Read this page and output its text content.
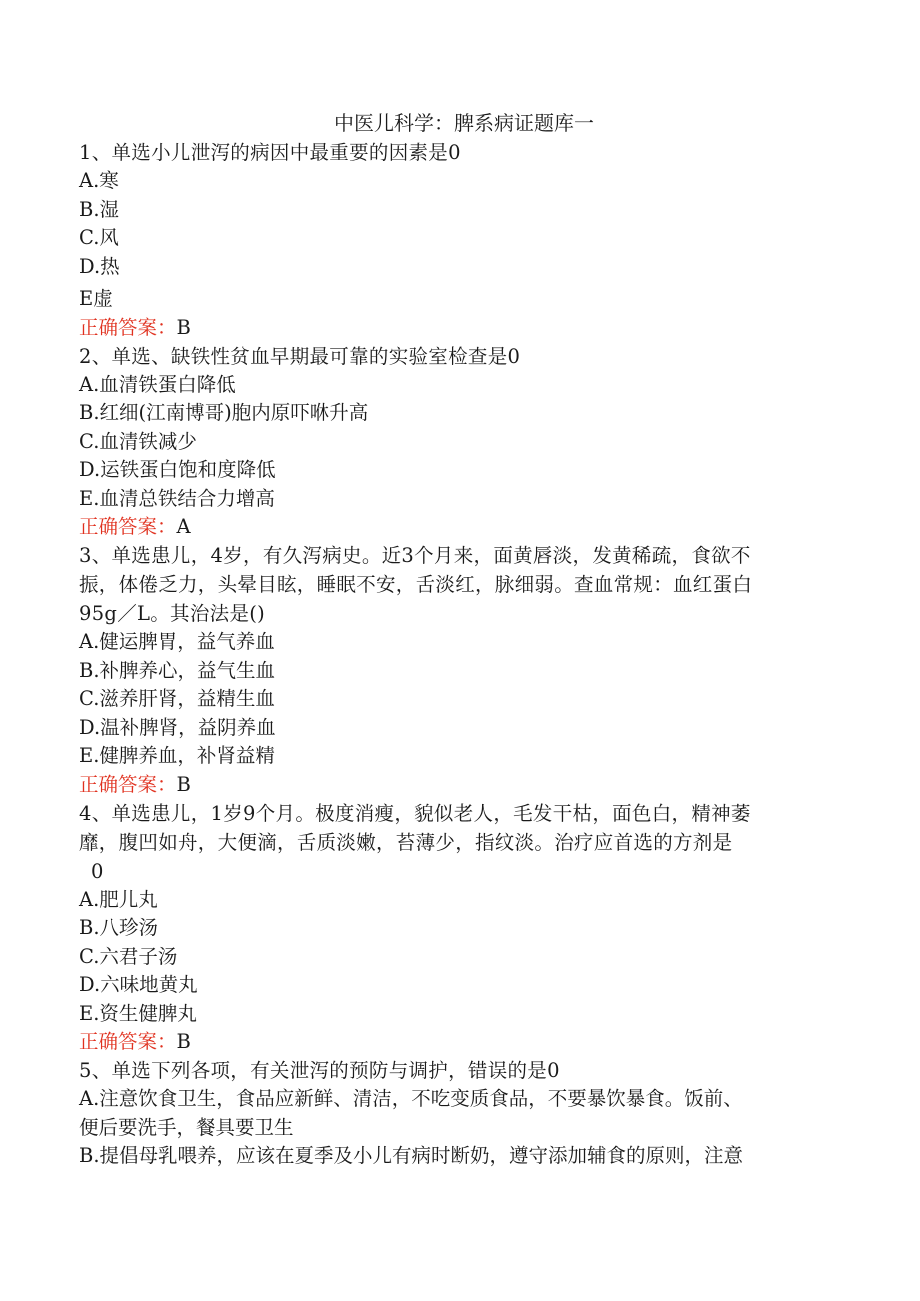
中医儿科学：脾系病证题库一

1、单选小儿泄泻的病因中最重要的因素是0

A.寒

B.湿

C.风

D.热

E虚

正确答案：B

2、单选、缺铁性贫血早期最可靠的实验室检查是0

A.血清铁蛋白降低

B.红细(江南博哥)胞内原吓咻升高

C.血清铁减少

D.运铁蛋白饱和度降低

E.血清总铁结合力增高

正确答案：A

3、单选患儿，4岁，有久泻病史。近3个月来，面黄唇淡，发黄稀疏，食欲不

振，体倦乏力，头晕目眩，睡眠不安，舌淡红，脉细弱。查血常规：血红蛋白

95g／L。其治法是()

A.健运脾胃，益气养血

B.补脾养心，益气生血

C.滋养肝肾，益精生血

D.温补脾肾，益阴养血

E.健脾养血，补肾益精

正确答案：B

4、单选患儿，1岁9个月。极度消瘦，貌似老人，毛发干枯，面色白，精神萎

靡，腹凹如舟，大便滴，舌质淡嫩，苔薄少，指纹淡。治疗应首选的方剂是

0

A.肥儿丸

B.八珍汤

C.六君子汤

D.六味地黄丸

E.资生健脾丸

正确答案：B

5、单选下列各项，有关泄泻的预防与调护，错误的是0

A.注意饮食卫生，食品应新鲜、清洁，不吃变质食品，不要暴饮暴食。饭前、

便后要洗手，餐具要卫生

B.提倡母乳喂养，应该在夏季及小儿有病时断奶，遵守添加辅食的原则，注意
